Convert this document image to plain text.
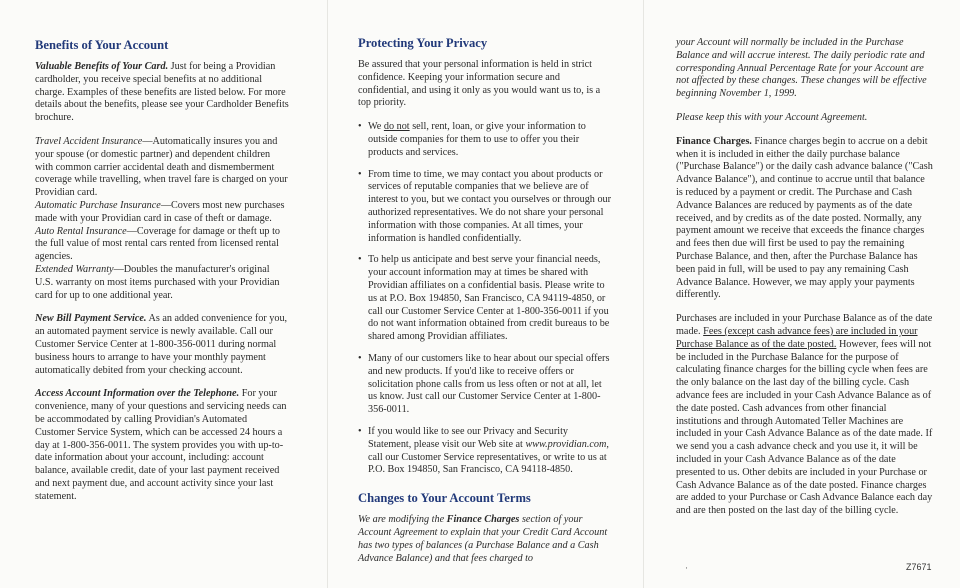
Benefits of Your Account

Valuable Benefits of Your Card. Just for being a Providian cardholder, you receive special benefits at no additional charge. Examples of these benefits are listed below. For more details about the benefits, please see your Cardholder Benefits brochure.

Travel Accident Insurance—Automatically insures you and your spouse (or domestic partner) and dependent children with common carrier accidental death and dismemberment coverage while travelling, when travel fare is charged on your Providian card.

Automatic Purchase Insurance—Covers most new purchases made with your Providian card in case of theft or damage.

Auto Rental Insurance—Coverage for damage or theft up to the full value of most rental cars rented from licensed rental agencies.

Extended Warranty—Doubles the manufacturer's original U.S. warranty on most items purchased with your Providian card for up to one additional year.

New Bill Payment Service. As an added convenience for you, an automated payment service is newly available. Call our Customer Service Center at 1-800-356-0011 during normal business hours to arrange to have your monthly payment automatically debited from your checking account.

Access Account Information over the Telephone. For your convenience, many of your questions and servicing needs can be accommodated by calling Providian's Automated Customer Service System, which can be accessed 24 hours a day at 1-800-356-0011. The system provides you with up-to-date information about your account, including: account balance, available credit, date of your last payment received and next payment due, and account activity since your last statement.

Protecting Your Privacy

Be assured that your personal information is held in strict confidence. Keeping your information secure and confidential, and using it only as you would want us to, is a top priority.

• We do not sell, rent, loan, or give your information to outside companies for them to use to offer you their products and services.
• From time to time, we may contact you about products or services of reputable companies that we believe are of interest to you, but we contact you ourselves or through our authorized representatives. We do not share your personal information with those companies. At all times, your information is handled confidentially.
• To help us anticipate and best serve your financial needs, your account information may at times be shared with Providian affiliates on a confidential basis. Please write to us at P.O. Box 194850, San Francisco, CA 94119-4850, or call our Customer Service Center at 1-800-356-0011 if you do not want information obtained from credit bureaus to be shared among Providian affiliates.
• Many of our customers like to hear about our special offers and new products. If you'd like to receive offers or solicitation phone calls from us less often or not at all, let us know. Just call our Customer Service Center at 1-800-356-0011.
• If you would like to see our Privacy and Security Statement, please visit our Web site at www.providian.com, call our Customer Service representatives, or write to us at P.O. Box 194850, San Francisco, CA 94118-4850.
Changes to Your Account Terms

We are modifying the Finance Charges section of your Account Agreement to explain that your Credit Card Account has two types of balances (a Purchase Balance and a Cash Advance Balance) and that fees charged to

your Account will normally be included in the Purchase Balance and will accrue interest. The daily periodic rate and corresponding Annual Percentage Rate for your Account are not affected by these changes. These changes will be effective beginning November 1, 1999.

Please keep this with your Account Agreement.

Finance Charges. Finance charges begin to accrue on a debit when it is included in either the daily purchase balance ("Purchase Balance") or the daily cash advance balance ("Cash Advance Balance"), and continue to accrue until that balance is reduced by a payment or credit. The Purchase and Cash Advance Balances are reduced by payments as of the date received, and by credits as of the date posted. Normally, any payment amount we receive that exceeds the finance charges and fees then due will first be used to pay the remaining Purchase Balance, and then, after the Purchase Balance has been paid in full, will be used to pay any remaining Cash Advance Balance. However, we may apply your payments differently.

Purchases are included in your Purchase Balance as of the date made. Fees (except cash advance fees) are included in your Purchase Balance as of the date posted. However, fees will not be included in the Purchase Balance for the purpose of calculating finance charges for the billing cycle when fees are the only balance on the last day of the billing cycle. Cash advance fees are included in your Cash Advance Balance as of the date posted. Cash advances from other financial institutions and through Automated Teller Machines are included in your Cash Advance Balance as of the date made. If we send you a cash advance check and you use it, it will be included in your Cash Advance Balance as of the date presented to us. Other debits are included in your Purchase or Cash Advance Balance as of the date posted. Finance charges are added to your Purchase or Cash Advance Balance each day and are then posted on the last day of the billing cycle.

·	Z7671
